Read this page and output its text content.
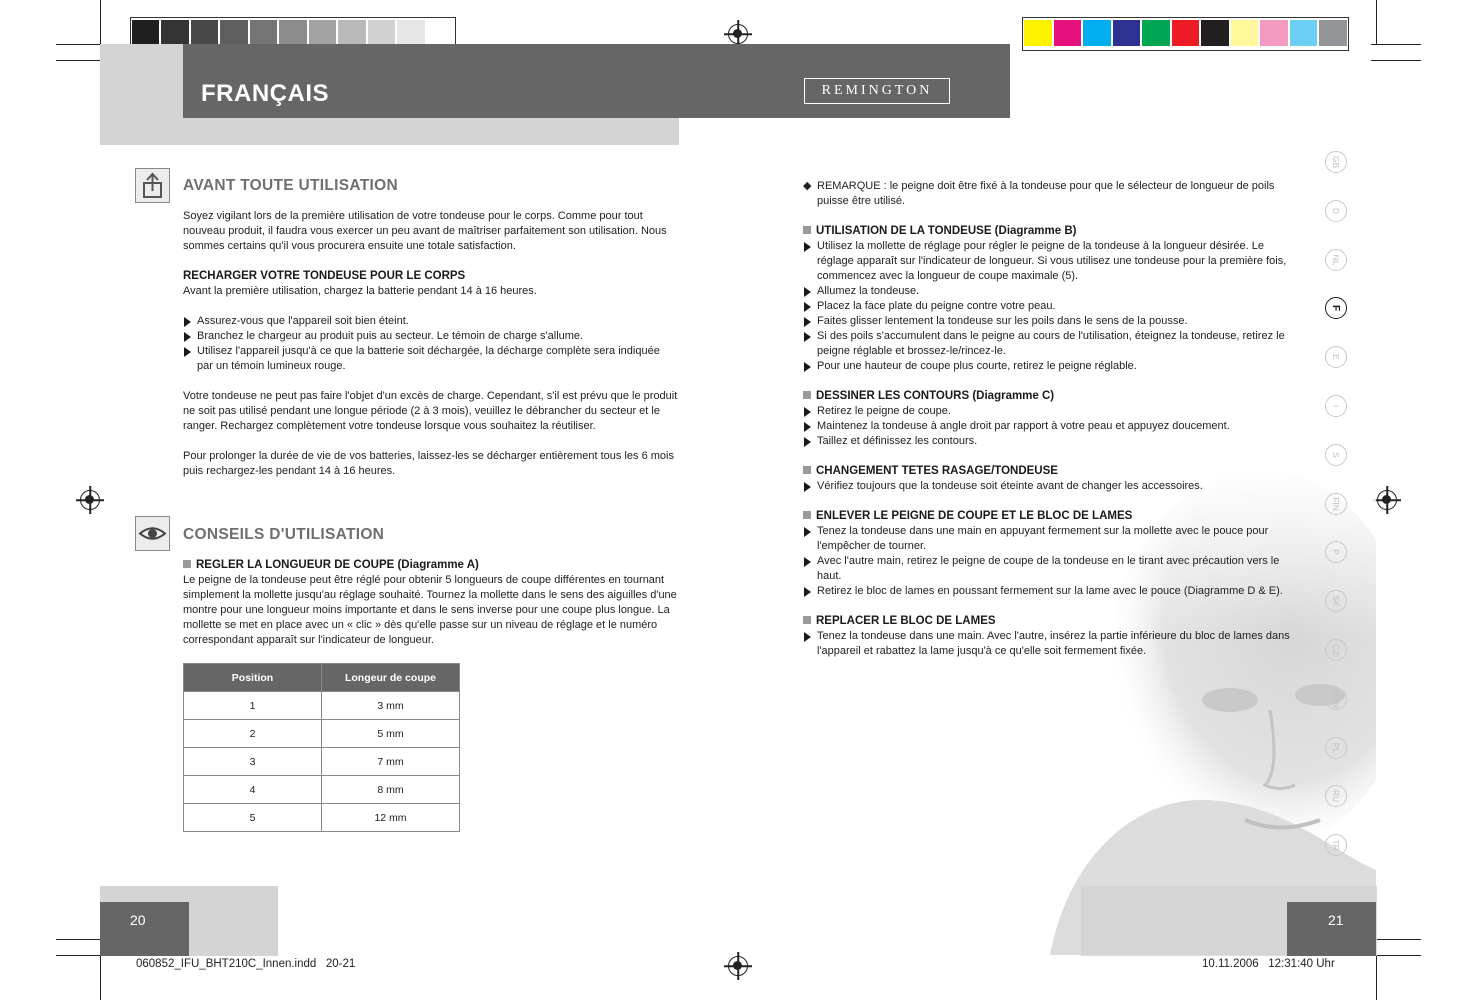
FRANÇAIS	REMINGTON
AVANT TOUTE UTILISATION
Soyez vigilant lors de la première utilisation de votre tondeuse pour le corps. Comme pour tout nouveau produit, il faudra vous exercer un peu avant de maîtriser parfaitement son utilisation. Nous sommes certains qu'il vous procurera ensuite une totale satisfaction.
RECHARGER VOTRE TONDEUSE POUR LE CORPS
Avant la première utilisation, chargez la batterie pendant 14 à 16 heures.
Assurez-vous que l'appareil soit bien éteint.
Branchez le chargeur au produit puis au secteur. Le témoin de charge s'allume.
Utilisez l'appareil jusqu'à ce que la batterie soit déchargée, la décharge complète sera indiquée par un témoin lumineux rouge.
Votre tondeuse ne peut pas faire l'objet d'un excès de charge. Cependant, s'il est prévu que le produit ne soit pas utilisé pendant une longue période (2 à 3 mois), veuillez le débrancher du secteur et le ranger. Rechargez complètement votre tondeuse lorsque vous souhaitez la réutiliser.
Pour prolonger la durée de vie de vos batteries, laissez-les se décharger entièrement tous les 6 mois puis rechargez-les pendant 14 à 16 heures.
CONSEILS D'UTILISATION
REGLER LA LONGUEUR DE COUPE (Diagramme A)
Le peigne de la tondeuse peut être réglé pour obtenir 5 longueurs de coupe différentes en tournant simplement la mollette jusqu'au réglage souhaité. Tournez la mollette dans le sens des aiguilles d'une montre pour une longueur moins importante et dans le sens inverse pour une coupe plus longue. La mollette se met en place avec un « clic » dès qu'elle passe sur un niveau de réglage et le numéro correspondant apparaît sur l'indicateur de longueur.
Position	Longeur de coupe
1	3 mm
2	5 mm
3	7 mm
4	8 mm
5	12 mm
◆ REMARQUE : le peigne doit être fixé à la tondeuse pour que le sélecteur de longueur de poils puisse être utilisé.
UTILISATION DE LA TONDEUSE (Diagramme B)
Utilisez la mollette de réglage pour régler le peigne de la tondeuse à la longueur désirée. Le réglage apparaît sur l'indicateur de longueur. Si vous utilisez une tondeuse pour la première fois, commencez avec la longueur de coupe maximale (5).
Allumez la tondeuse.
Placez la face plate du peigne contre votre peau.
Faites glisser lentement la tondeuse sur les poils dans le sens de la pousse.
Si des poils s'accumulent dans le peigne au cours de l'utilisation, éteignez la tondeuse, retirez le peigne réglable et brossez-le/rincez-le.
Pour une hauteur de coupe plus courte, retirez le peigne réglable.
DESSINER LES CONTOURS (Diagramme C)
Retirez le peigne de coupe.
Maintenez la tondeuse à angle droit par rapport à votre peau et appuyez doucement.
Taillez et définissez les contours.
CHANGEMENT TETES RASAGE/TONDEUSE
Vérifiez toujours que la tondeuse soit éteinte avant de changer les accessoires.
ENLEVER LE PEIGNE DE COUPE ET LE BLOC DE LAMES
Tenez la tondeuse dans une main en appuyant fermement sur la mollette avec le pouce pour l'empêcher de tourner.
Avec l'autre main, retirez le peigne de coupe de la tondeuse en le tirant avec précaution vers le haut.
Retirez le bloc de lames en poussant fermement sur la lame avec le pouce (Diagramme D & E).
REPLACER LE BLOC DE LAMES
Tenez la tondeuse dans une main. Avec l'autre, insérez la partie inférieure du bloc de lames dans l'appareil et rabattez la lame jusqu'à ce qu'elle soit fermement fixée.
GB
D
NL
F
E
I
S
FIN
P
SK
CZ
HUN
PL
RU
TR
20	21
060852_IFU_BHT210C_Innen.indd   20-21	10.11.2006   12:31:40 Uhr
